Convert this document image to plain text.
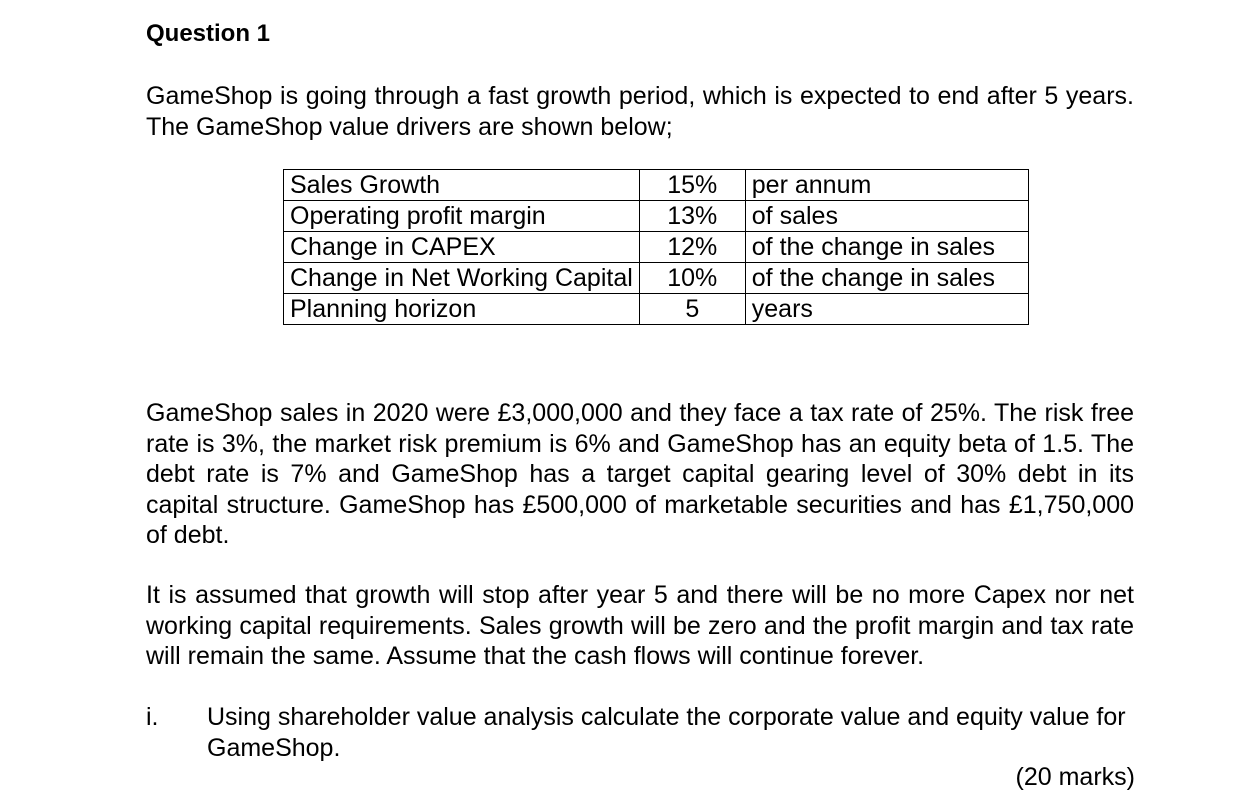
Question 1

GameShop is going through a fast growth period, which is expected to end after 5 years. The GameShop value drivers are shown below;

Sales Growth	15%	per annum
Operating profit margin	13%	of sales
Change in CAPEX	12%	of the change in sales
Change in Net Working Capital	10%	of the change in sales
Planning horizon	5	years

GameShop sales in 2020 were £3,000,000 and they face a tax rate of 25%. The risk free rate is 3%, the market risk premium is 6% and GameShop has an equity beta of 1.5. The debt rate is 7% and GameShop has a target capital gearing level of 30% debt in its capital structure. GameShop has £500,000 of marketable securities and has £1,750,000 of debt.

It is assumed that growth will stop after year 5 and there will be no more Capex nor net working capital requirements. Sales growth will be zero and the profit margin and tax rate will remain the same. Assume that the cash flows will continue forever.

i. Using shareholder value analysis calculate the corporate value and equity value for GameShop.
(20 marks)
